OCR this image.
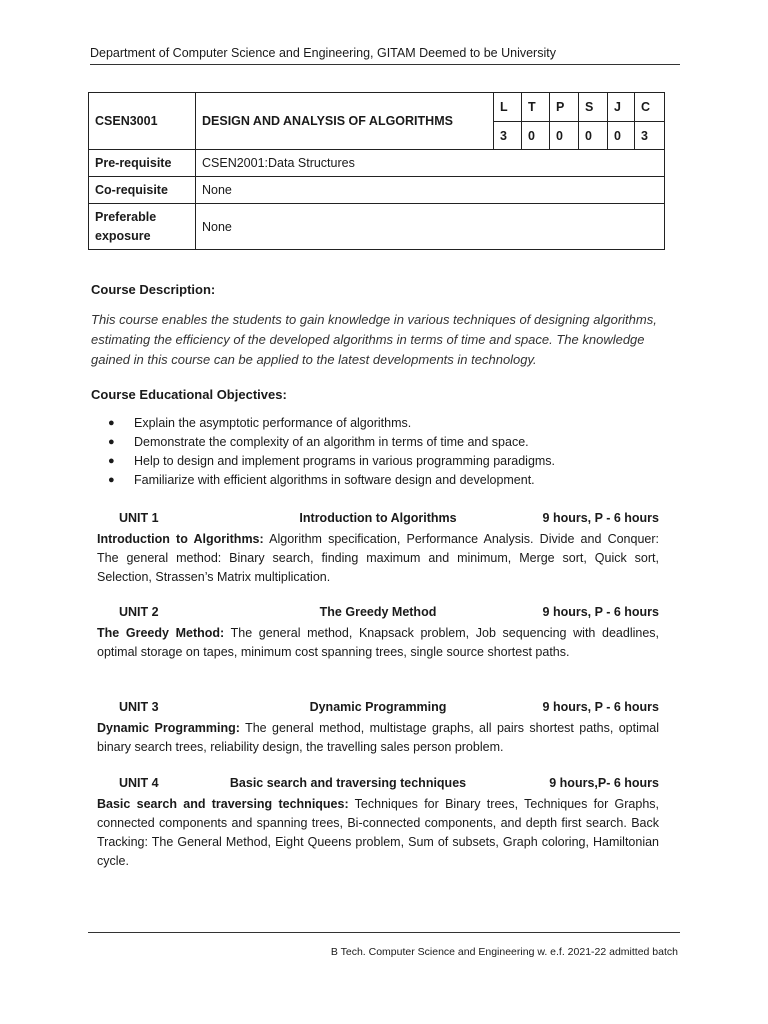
Department of Computer Science and Engineering, GITAM Deemed to be University
CSEN3001	DESIGN AND ANALYSIS OF ALGORITHMS	L	T	P	S	J	C
		3	0	0	0	0	3
Pre-requisite	CSEN2001:Data Structures						
Co-requisite	None						
Preferable
exposure	None						
Course Description:
This course enables the students to gain knowledge in various techniques of designing algorithms, estimating the efficiency of the developed algorithms in terms of time and space. The knowledge gained in this course can be applied to the latest developments in technology.
Course Educational Objectives:
●	Explain the asymptotic performance of algorithms.
●	Demonstrate the complexity of an algorithm in terms of time and space.
●	Help to design and implement programs in various programming paradigms.
●	Familiarize with efficient algorithms in software design and development.
UNIT 1	Introduction to Algorithms	9 hours, P - 6 hours
Introduction to Algorithms: Algorithm specification, Performance Analysis. Divide and Conquer: The general method: Binary search, finding maximum and minimum, Merge sort, Quick sort, Selection, Strassen’s Matrix multiplication.
UNIT 2	The Greedy Method	9 hours, P - 6 hours
The Greedy Method: The general method, Knapsack problem, Job sequencing with deadlines, optimal storage on tapes, minimum cost spanning trees, single source shortest paths.
UNIT 3	Dynamic Programming	9 hours, P - 6 hours
Dynamic Programming: The general method, multistage graphs, all pairs shortest paths, optimal binary search trees, reliability design, the travelling sales person problem.
UNIT 4	Basic search and traversing techniques	9 hours,P- 6 hours
Basic search and traversing techniques: Techniques for Binary trees, Techniques for Graphs, connected components and spanning trees, Bi-connected components, and depth first search. Back Tracking: The General Method, Eight Queens problem, Sum of subsets, Graph coloring, Hamiltonian cycle.
B Tech. Computer Science and Engineering w. e.f. 2021-22 admitted batch
